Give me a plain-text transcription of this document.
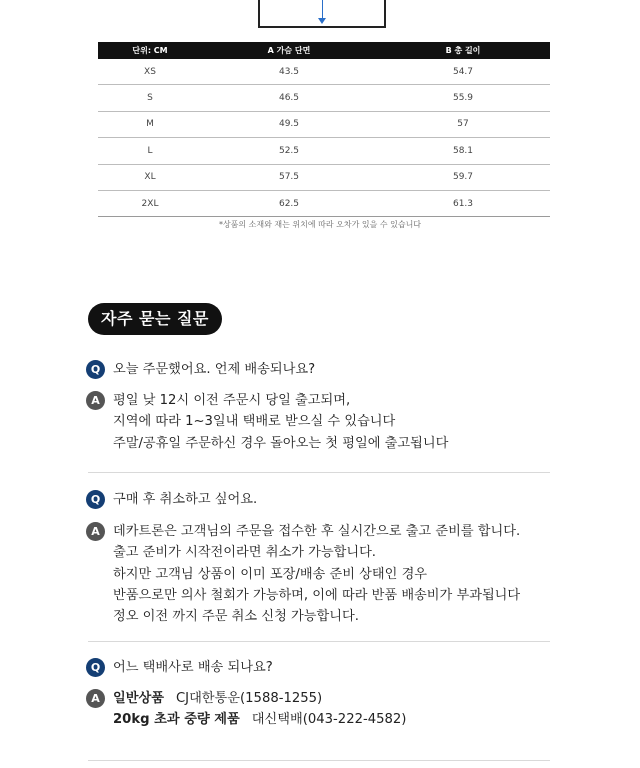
단위: CM	A 가슴 단면	B 총 길이
XS	43.5	54.7
S	46.5	55.9
M	49.5	57
L	52.5	58.1
XL	57.5	59.7
2XL	62.5	61.3
*상품의 소재와 재는 위치에 따라 오차가 있을 수 있습니다
자주 묻는 질문
Q 오늘 주문했어요. 언제 배송되나요?
A	평일 낮 12시 이전 주문시 당일 출고되며,
지역에 따라 1~3일내 택배로 받으실 수 있습니다
주말/공휴일 주문하신 경우 돌아오는 첫 평일에 출고됩니다
Q 구매 후 취소하고 싶어요.
A	데카트론은 고객님의 주문을 접수한 후 실시간으로 출고 준비를 합니다.
출고 준비가 시작전이라면 취소가 가능합니다.
하지만 고객님 상품이 이미 포장/배송 준비 상태인 경우
반품으로만 의사 철회가 가능하며, 이에 따라 반품 배송비가 부과됩니다
정오 이전 까지 주문 취소 신청 가능합니다.
Q 어느 택배사로 배송 되나요?
A	일반상품 CJ대한통운(1588-1255)
20kg 초과 중량 제품 대신택배(043-222-4582)
